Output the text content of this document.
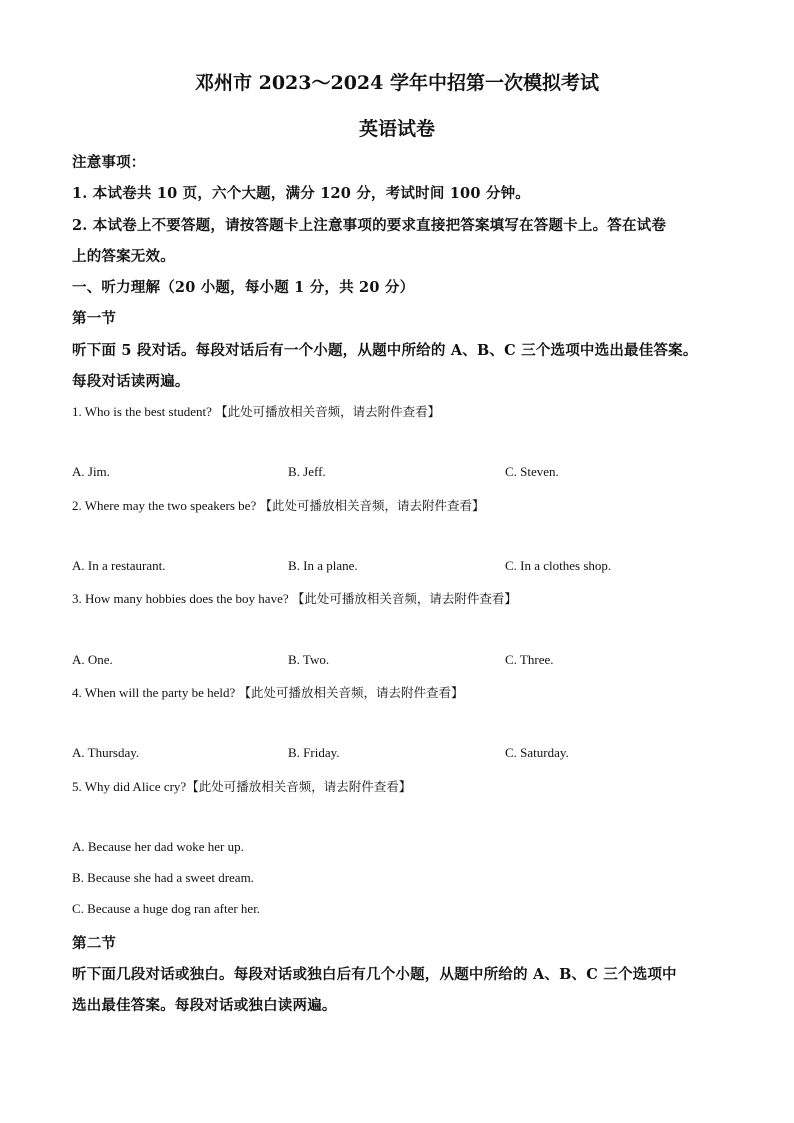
邓州市 2023～2024 学年中招第一次模拟考试
英语试卷
注意事项：
1. 本试卷共 10 页，六个大题，满分 120 分，考试时间 100 分钟。
2. 本试卷上不要答题，请按答题卡上注意事项的要求直接把答案填写在答题卡上。答在试卷
上的答案无效。
一、听力理解（20 小题，每小题 1 分，共 20 分）
第一节
听下面 5 段对话。每段对话后有一个小题，从题中所给的 A、B、C 三个选项中选出最佳答案。
每段对话读两遍。
1. Who is the best student? 【此处可播放相关音频，请去附件查看】
A. Jim.	B. Jeff.	C. Steven.
2. Where may the two speakers be? 【此处可播放相关音频，请去附件查看】
A. In a restaurant.	B. In a plane.	C. In a clothes shop.
3. How many hobbies does the boy have? 【此处可播放相关音频，请去附件查看】
A. One.	B. Two.	C. Three.
4. When will the party be held? 【此处可播放相关音频，请去附件查看】
A. Thursday.	B. Friday.	C. Saturday.
5. Why did Alice cry?【此处可播放相关音频，请去附件查看】
A. Because her dad woke her up.
B. Because she had a sweet dream.
C. Because a huge dog ran after her.
第二节
听下面几段对话或独白。每段对话或独白后有几个小题，从题中所给的 A、B、C 三个选项中
选出最佳答案。每段对话或独白读两遍。
